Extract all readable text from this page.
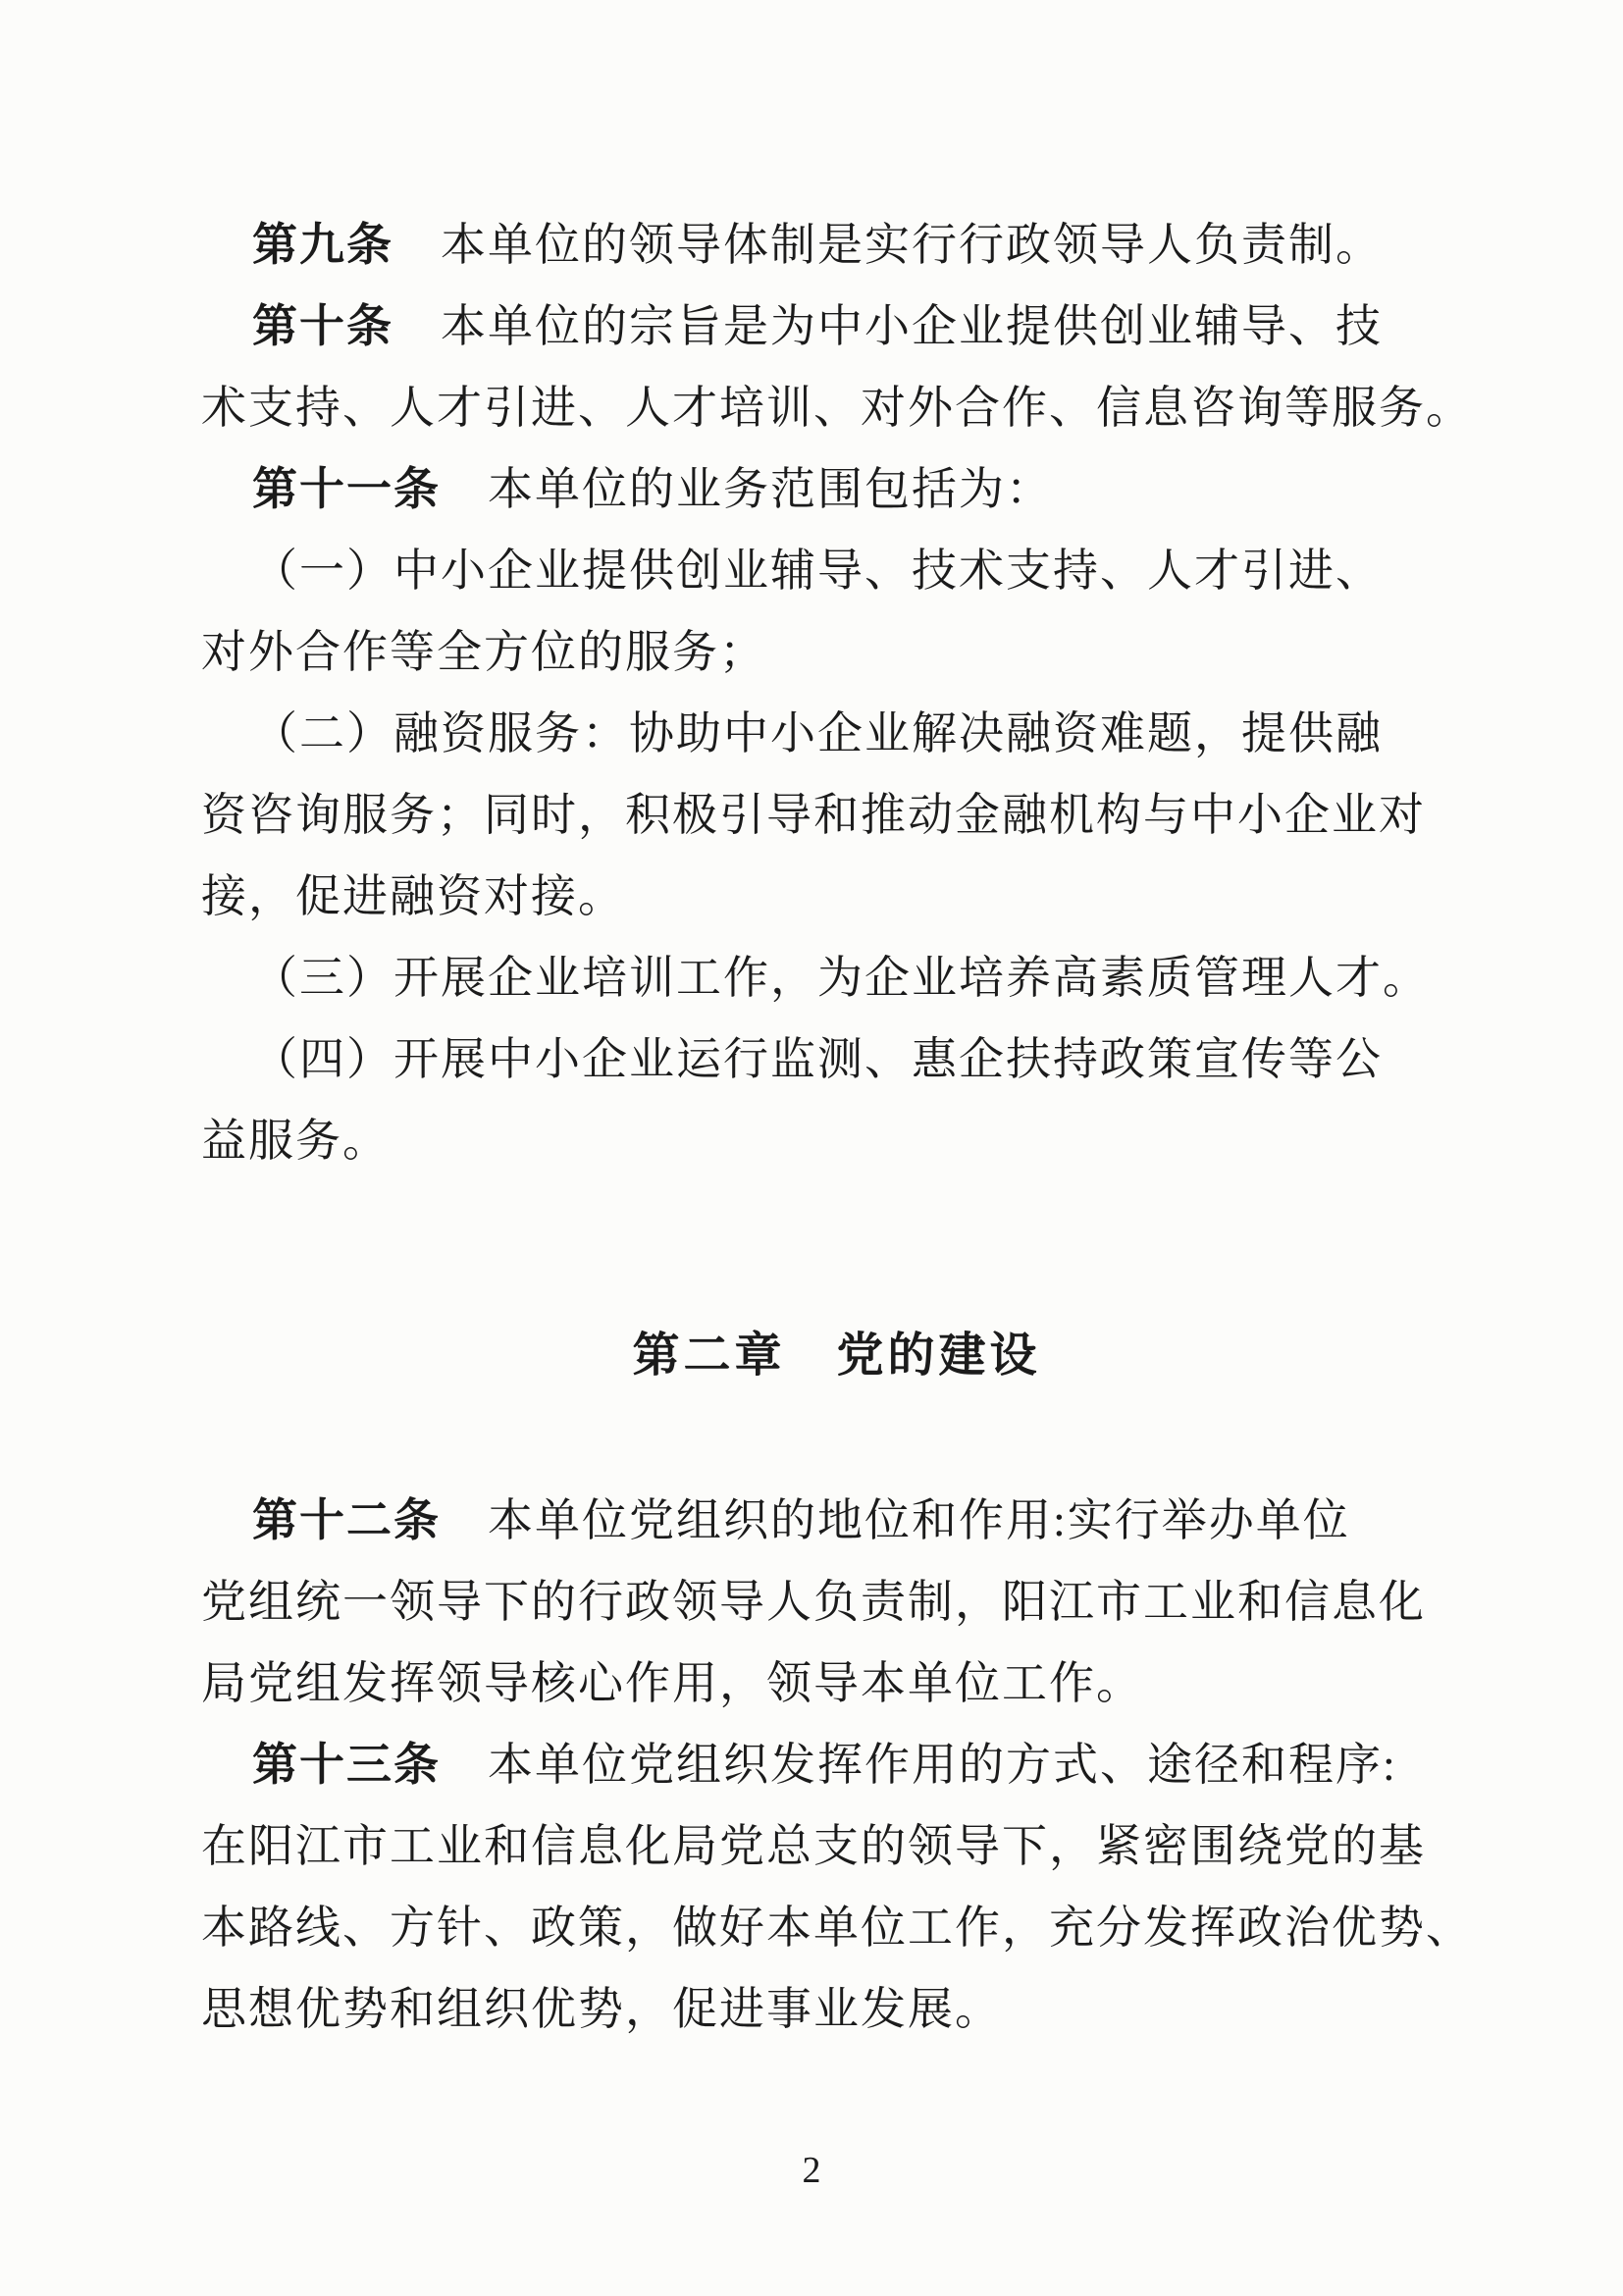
第九条　本单位的领导体制是实行行政领导人负责制。
第十条　本单位的宗旨是为中小企业提供创业辅导、技
术支持、人才引进、人才培训、对外合作、信息咨询等服务。
第十一条　本单位的业务范围包括为：
（一）中小企业提供创业辅导、技术支持、人才引进、
对外合作等全方位的服务；
（二）融资服务：协助中小企业解决融资难题，提供融
资咨询服务；同时，积极引导和推动金融机构与中小企业对
接，促进融资对接。
（三）开展企业培训工作，为企业培养高素质管理人才。
（四）开展中小企业运行监测、惠企扶持政策宣传等公
益服务。
第二章　党的建设
第十二条　本单位党组织的地位和作用:实行举办单位
党组统一领导下的行政领导人负责制，阳江市工业和信息化
局党组发挥领导核心作用，领导本单位工作。
第十三条　本单位党组织发挥作用的方式、途径和程序:
在阳江市工业和信息化局党总支的领导下，紧密围绕党的基
本路线、方针、政策，做好本单位工作，充分发挥政治优势、
思想优势和组织优势，促进事业发展。
2
